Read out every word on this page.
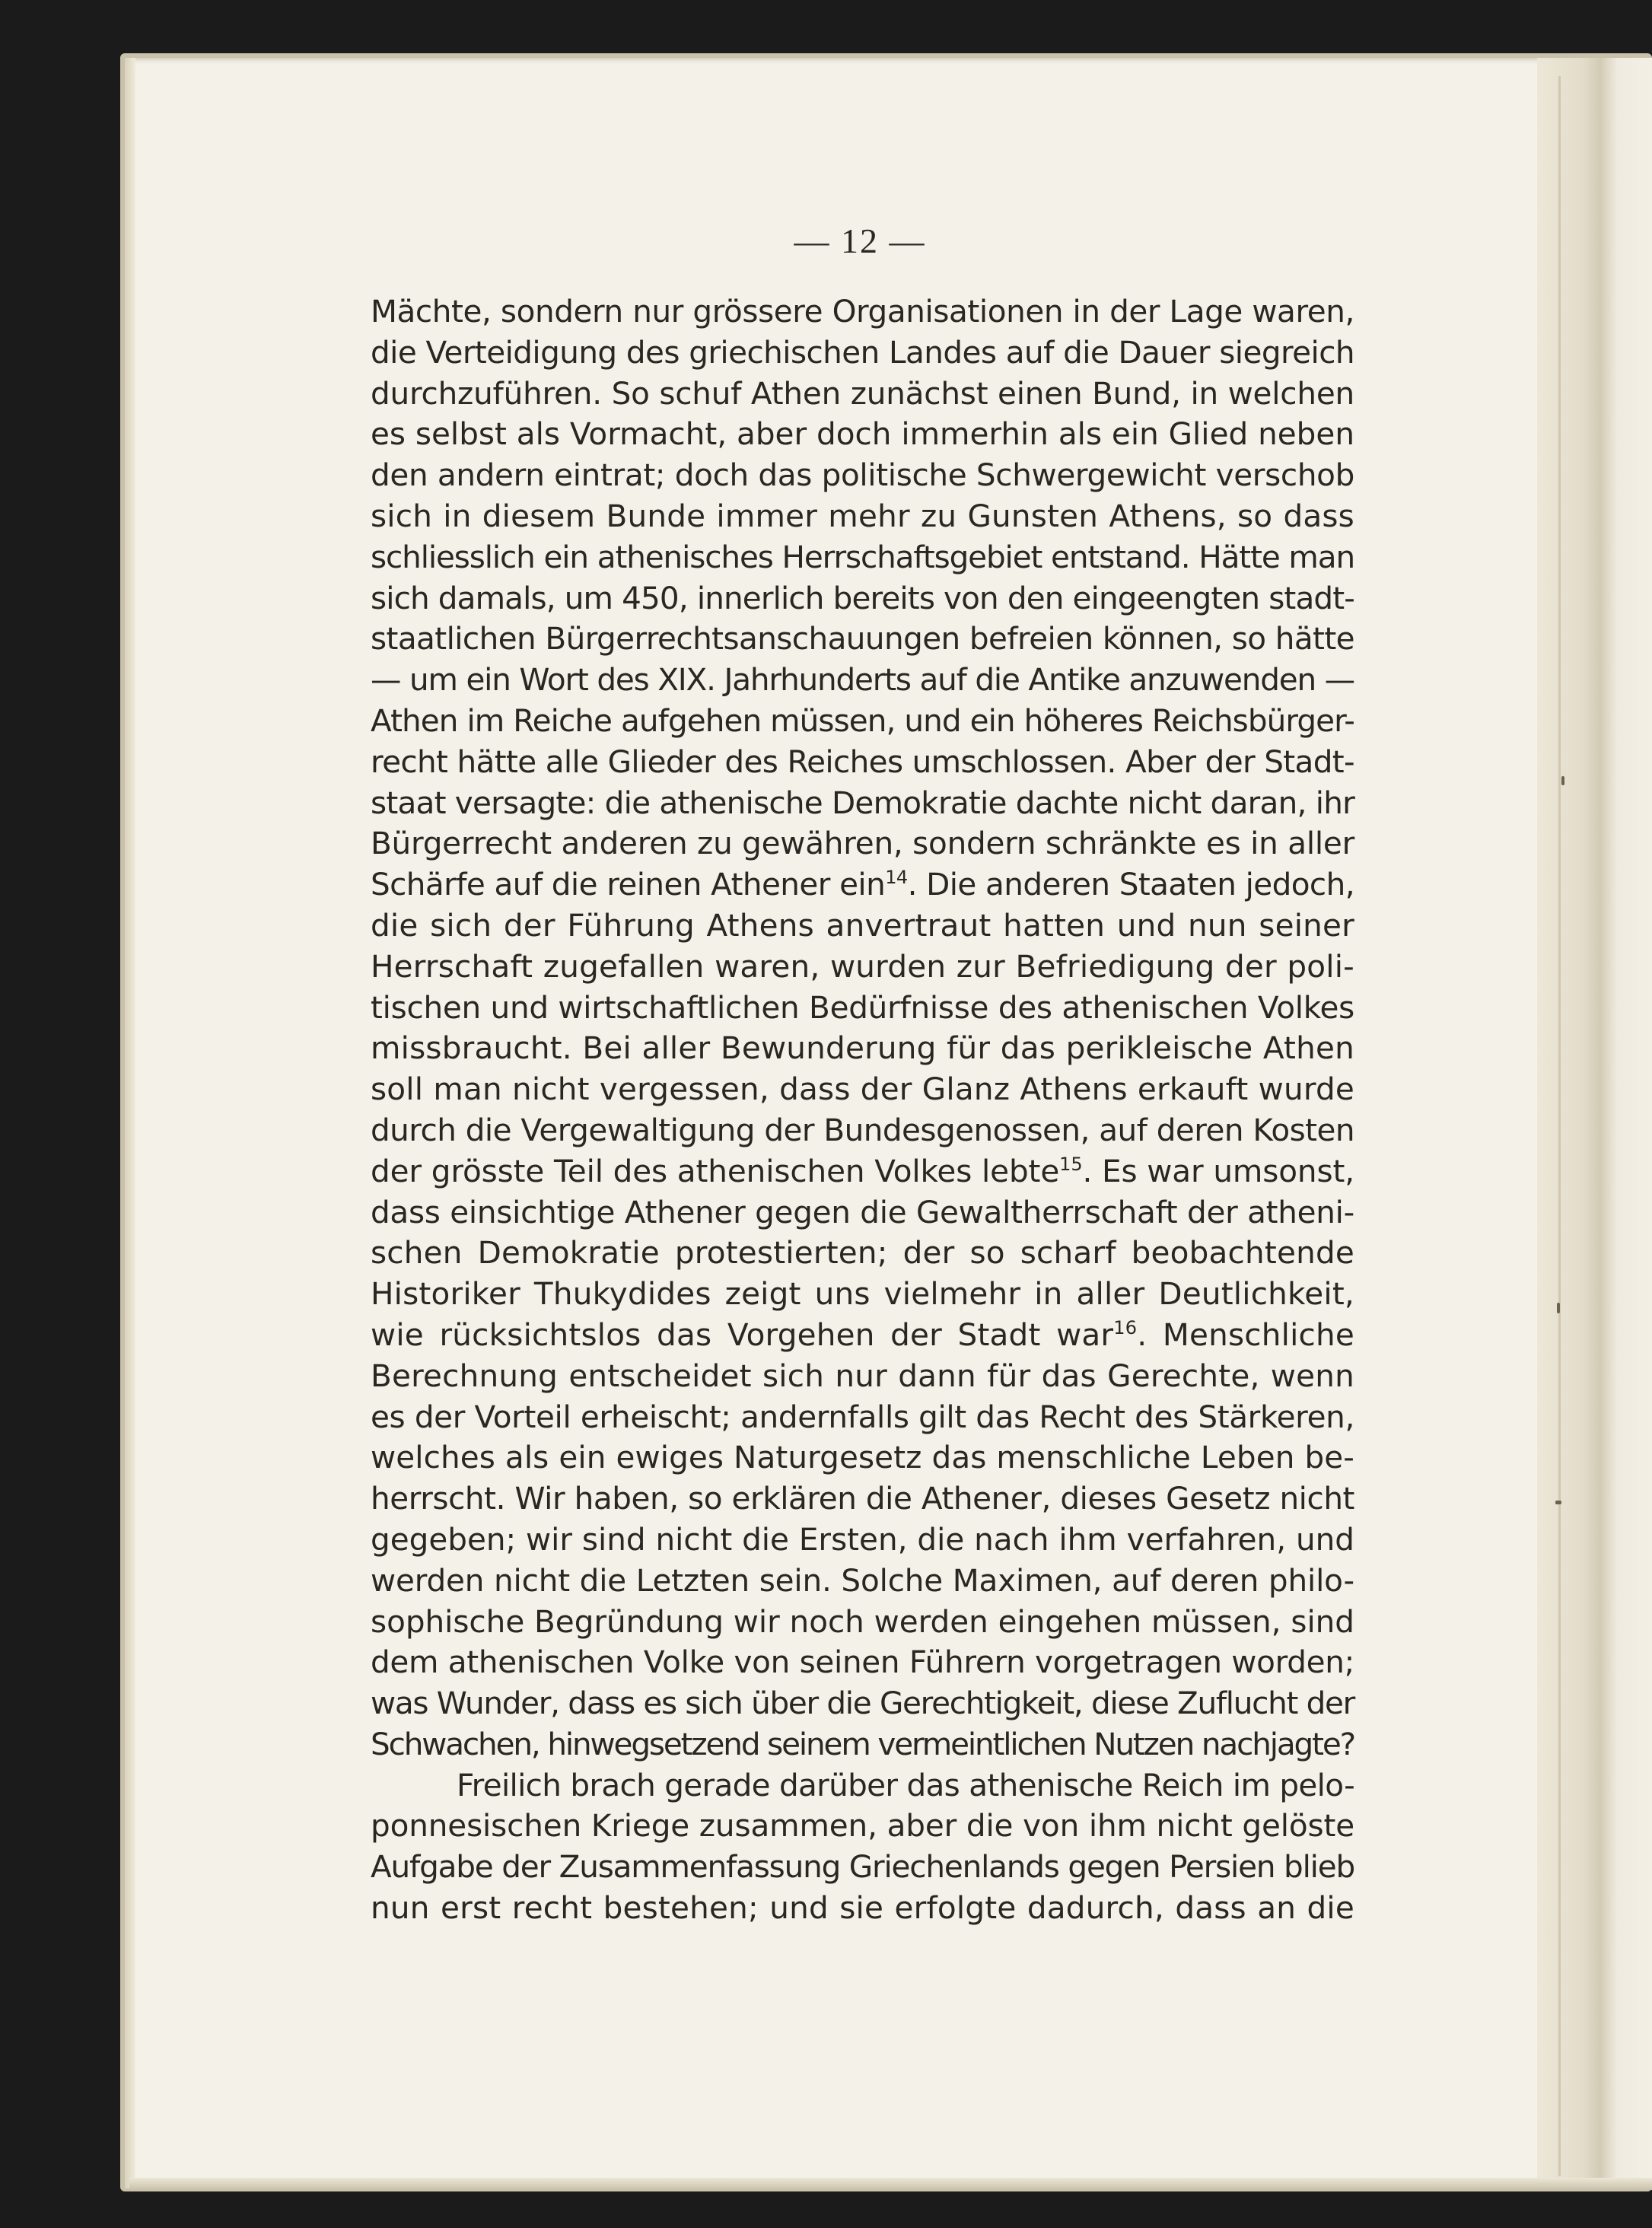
— 12 —
Mächte, sondern nur grössere Organisationen in der Lage waren,
die Verteidigung des griechischen Landes auf die Dauer siegreich
durchzuführen. So schuf Athen zunächst einen Bund, in welchen
es selbst als Vormacht, aber doch immerhin als ein Glied neben
den andern eintrat; doch das politische Schwergewicht verschob
sich in diesem Bunde immer mehr zu Gunsten Athens, so dass
schliesslich ein athenisches Herrschaftsgebiet entstand. Hätte man
sich damals, um 450, innerlich bereits von den eingeengten stadt-
staatlichen Bürgerrechtsanschauungen befreien können, so hätte
— um ein Wort des XIX. Jahrhunderts auf die Antike anzuwenden —
Athen im Reiche aufgehen müssen, und ein höheres Reichsbürger-
recht hätte alle Glieder des Reiches umschlossen. Aber der Stadt-
staat versagte: die athenische Demokratie dachte nicht daran, ihr
Bürgerrecht anderen zu gewähren, sondern schränkte es in aller
Schärfe auf die reinen Athener ein$^{14}$. Die anderen Staaten jedoch,
die sich der Führung Athens anvertraut hatten und nun seiner
Herrschaft zugefallen waren, wurden zur Befriedigung der poli-
tischen und wirtschaftlichen Bedürfnisse des athenischen Volkes
missbraucht. Bei aller Bewunderung für das perikleische Athen
soll man nicht vergessen, dass der Glanz Athens erkauft wurde
durch die Vergewaltigung der Bundesgenossen, auf deren Kosten
der grösste Teil des athenischen Volkes lebte$^{15}$. Es war umsonst,
dass einsichtige Athener gegen die Gewaltherrschaft der atheni-
schen Demokratie protestierten; der so scharf beobachtende
Historiker Thukydides zeigt uns vielmehr in aller Deutlichkeit,
wie rücksichtslos das Vorgehen der Stadt war$^{16}$. Menschliche
Berechnung entscheidet sich nur dann für das Gerechte, wenn
es der Vorteil erheischt; andernfalls gilt das Recht des Stärkeren,
welches als ein ewiges Naturgesetz das menschliche Leben be-
herrscht. Wir haben, so erklären die Athener, dieses Gesetz nicht
gegeben; wir sind nicht die Ersten, die nach ihm verfahren, und
werden nicht die Letzten sein. Solche Maximen, auf deren philo-
sophische Begründung wir noch werden eingehen müssen, sind
dem athenischen Volke von seinen Führern vorgetragen worden;
was Wunder, dass es sich über die Gerechtigkeit, diese Zuflucht der
Schwachen, hinwegsetzend seinem vermeintlichen Nutzen nachjagte?
Freilich brach gerade darüber das athenische Reich im pelo-
ponnesischen Kriege zusammen, aber die von ihm nicht gelöste
Aufgabe der Zusammenfassung Griechenlands gegen Persien blieb
nun erst recht bestehen; und sie erfolgte dadurch, dass an die
